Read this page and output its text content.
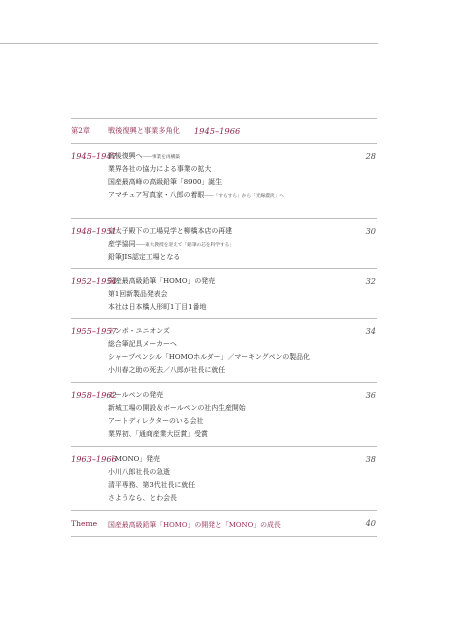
第2章	戦後復興と事業多角化 1945–1966
1945–1947
戦後復興へ――事業を再構築
業界各社の協力による事業の拡大
国産最高峰の高級鉛筆「8900」誕生
アマチュア写真家・八郎の着眼――「すらすら」から「光線濃淡」へ
28
1948–1951
皇太子殿下の工場見学と柳橋本店の再建
産学協同――東大教授を迎えて「鉛筆の芯を科学する」
鉛筆JIS認定工場となる
30
1952–1954
国産最高級鉛筆「HOMO」の発売
第1回新製品発表会
本社は日本橋人形町1丁目1番地
32
1955–1957
トンボ・ユニオンズ
総合筆記具メーカーへ
シャープペンシル「HOMOホルダー」／マーキングペンの製品化
小川春之助の死去／八郎が社長に就任
34
1958–1962
ボールペンの発売
新城工場の開設＆ボールペンの社内生産開始
アートディレクターのいる会社
業界初、「通商産業大臣賞」受賞
36
1963–1966
「MONO」発売
小川八郎社長の急逝
清平専務、第3代社長に就任
さようなら、とわ会長
38
Theme	国産最高級鉛筆「HOMO」の開発と「MONO」の成長	40
